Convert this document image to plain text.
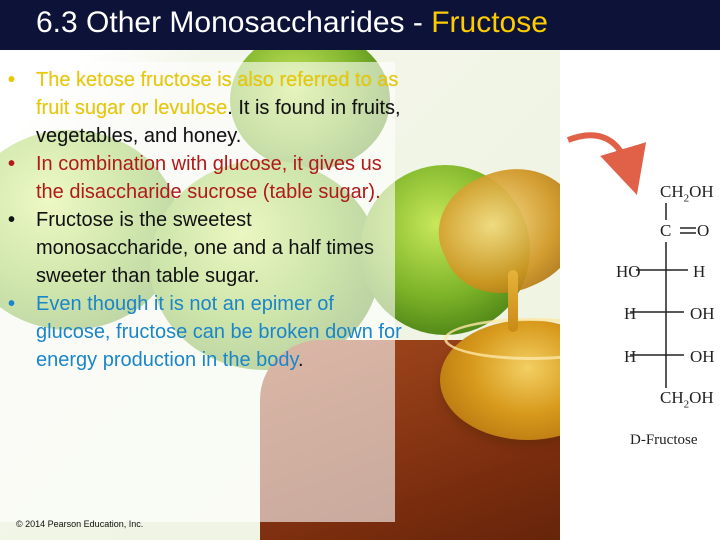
6.3 Other Monosaccharides - Fructose
• The ketose fructose is also referred to as fruit sugar or levulose. It is found in fruits, vegetables, and honey.
• In combination with glucose, it gives us the disaccharide sucrose (table sugar).
• Fructose is the sweetest monosaccharide, one and a half times sweeter than table sugar.
• Even though it is not an epimer of glucose, fructose can be broken down for energy production in the body.
© 2014 Pearson Education, Inc.
$CH_2OH$
C O
HO	H
H	OH
H	OH
$CH_2OH$
D-Fructose
